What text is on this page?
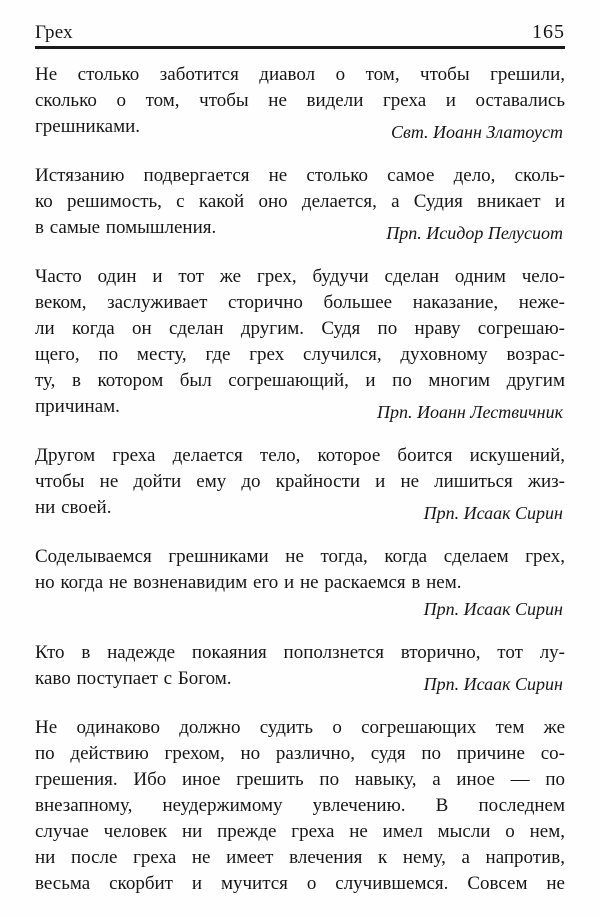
Грех	165
Не столько заботится диавол о том, чтобы грешили,
сколько о том, чтобы не видели греха и оставались
грешниками.	Свт. Иоанн Златоуст
Истязанию подвергается не столько самое дело, сколь-
ко решимость, с какой оно делается, а Судия вникает и
в самые помышления.	Прп. Исидор Пелусиот
Часто один и тот же грех, будучи сделан одним чело-
веком, заслуживает сторично большее наказание, неже-
ли когда он сделан другим. Судя по нраву согрешаю-
щего, по месту, где грех случился, духовному возрас-
ту, в котором был согрешающий, и по многим другим
причинам.	Прп. Иоанн Лествичник
Другом греха делается тело, которое боится искушений,
чтобы не дойти ему до крайности и не лишиться жиз-
ни своей.	Прп. Исаак Сирин
Соделываемся грешниками не тогда, когда сделаем грех,
но когда не возненавидим его и не раскаемся в нем.
Прп. Исаак Сирин
Кто в надежде покаяния поползнется вторично, тот лу-
каво поступает с Богом.	Прп. Исаак Сирин
Не одинаково должно судить о согрешающих тем же
по действию грехом, но различно, судя по причине со-
грешения. Ибо иное грешить по навыку, а иное — по
внезапному, неудержимому увлечению. В последнем
случае человек ни прежде греха не имел мысли о нем,
ни после греха не имеет влечения к нему, а напротив,
весьма скорбит и мучится о случившемся. Совсем не
